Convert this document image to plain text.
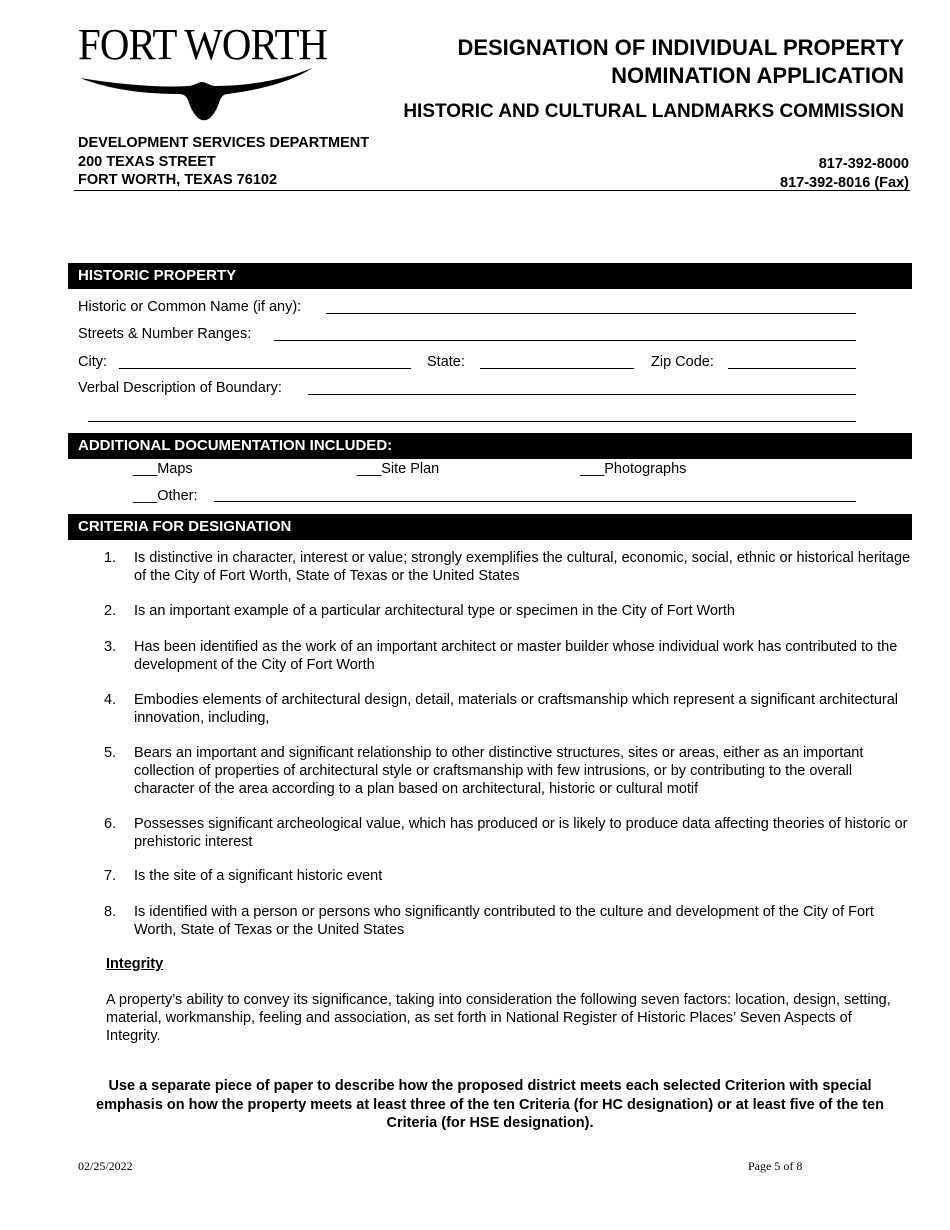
FORT WORTH	DESIGNATION OF INDIVIDUAL PROPERTY
NOMINATION APPLICATION
HISTORIC AND CULTURAL LANDMARKS COMMISSION
DEVELOPMENT SERVICES DEPARTMENT
200 TEXAS STREET
FORT WORTH, TEXAS 76102
817-392-8000
817-392-8016 (Fax)
HISTORIC PROPERTY
Historic or Common Name (if any):
Streets & Number Ranges:
City:	State:	Zip Code:
Verbal Description of Boundary:
ADDITIONAL DOCUMENTATION INCLUDED:
___Maps	___Site Plan	___Photographs
___Other:
CRITERIA FOR DESIGNATION
1.	Is distinctive in character, interest or value; strongly exemplifies the cultural, economic, social, ethnic or historical heritage of the City of Fort Worth, State of Texas or the United States
2.	Is an important example of a particular architectural type or specimen in the City of Fort Worth
3.	Has been identified as the work of an important architect or master builder whose individual work has contributed to the development of the City of Fort Worth
4.	Embodies elements of architectural design, detail, materials or craftsmanship which represent a significant architectural innovation, including,
5.	Bears an important and significant relationship to other distinctive structures, sites or areas, either as an important collection of properties of architectural style or craftsmanship with few intrusions, or by contributing to the overall character of the area according to a plan based on architectural, historic or cultural motif
6.	Possesses significant archeological value, which has produced or is likely to produce data affecting theories of historic or prehistoric interest
7.	Is the site of a significant historic event
8.	Is identified with a person or persons who significantly contributed to the culture and development of the City of Fort Worth, State of Texas or the United States
Integrity
A property’s ability to convey its significance, taking into consideration the following seven factors: location, design, setting, material, workmanship, feeling and association, as set forth in National Register of Historic Places’ Seven Aspects of Integrity.
Use a separate piece of paper to describe how the proposed district meets each selected Criterion with special emphasis on how the property meets at least three of the ten Criteria (for HC designation) or at least five of the ten Criteria (for HSE designation).
02/25/2022	Page 5 of 8
